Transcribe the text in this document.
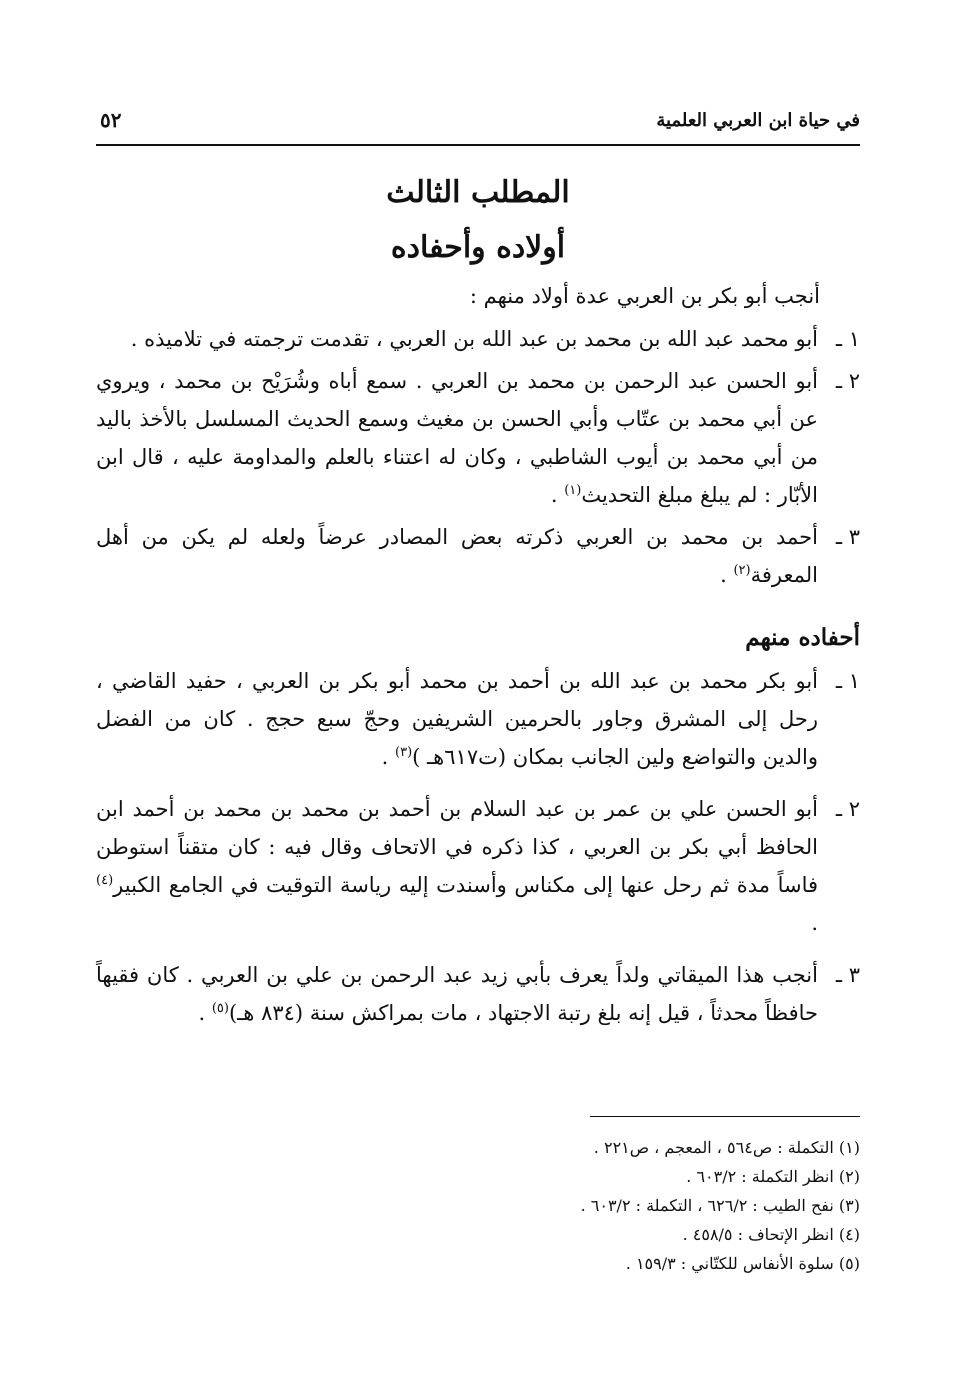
في حياة ابن العربي العلمية
٥٢
المطلب الثالث
أولاده وأحفاده

أنجب أبو بكر بن العربي عدة أولاد منهم :

١ ـ
أبو محمد عبد الله بن محمد بن عبد الله بن العربي ، تقدمت ترجمته في تلاميذه .
٢ ـ
أبو الحسن عبد الرحمن بن محمد بن العربي . سمع أباه وشُرَيْح بن محمد ، ويروي عن أبي محمد بن عتّاب وأبي الحسن بن مغيث وسمع الحديث المسلسل بالأخذ باليد من أبي محمد بن أيوب الشاطبي ، وكان له اعتناء بالعلم والمداومة عليه ، قال ابن الأبّار : لم يبلغ مبلغ التحديث$^{(١)}$ .
٣ ـ
أحمد بن محمد بن العربي ذكرته بعض المصادر عرضاً ولعله لم يكن من أهل المعرفة$^{(٢)}$ .
أحفاده منهم
١ ـ
أبو بكر محمد بن عبد الله بن أحمد بن محمد أبو بكر بن العربي ، حفيد القاضي ، رحل إلى المشرق وجاور بالحرمين الشريفين وحجّ سبع حجج . كان من الفضل والدين والتواضع ولين الجانب بمكان (ت٦١٧هـ )$^{(٣)}$ .
٢ ـ
أبو الحسن علي بن عمر بن عبد السلام بن أحمد بن محمد بن محمد بن أحمد ابن الحافظ أبي بكر بن العربي ، كذا ذكره في الاتحاف وقال فيه : كان متقناً استوطن فاساً مدة ثم رحل عنها إلى مكناس وأسندت إليه رياسة التوقيت في الجامع الكبير$^{(٤)}$ .
٣ ـ
أنجب هذا الميقاتي ولداً يعرف بأبي زيد عبد الرحمن بن علي بن العربي . كان فقيهاً حافظاً محدثاً ، قيل إنه بلغ رتبة الاجتهاد ، مات بمراكش سنة (٨٣٤ هـ)$^{(٥)}$ .
(١) التكملة : ص٥٦٤ ، المعجم ، ص٢٢١ .
(٢) انظر التكملة : ٦٠٣/٢ .
(٣) نفح الطيب : ٦٢٦/٢ ، التكملة : ٦٠٣/٢ .
(٤) انظر الإتحاف : ٤٥٨/٥ .
(٥) سلوة الأنفاس للكتّاني : ١٥٩/٣ .
